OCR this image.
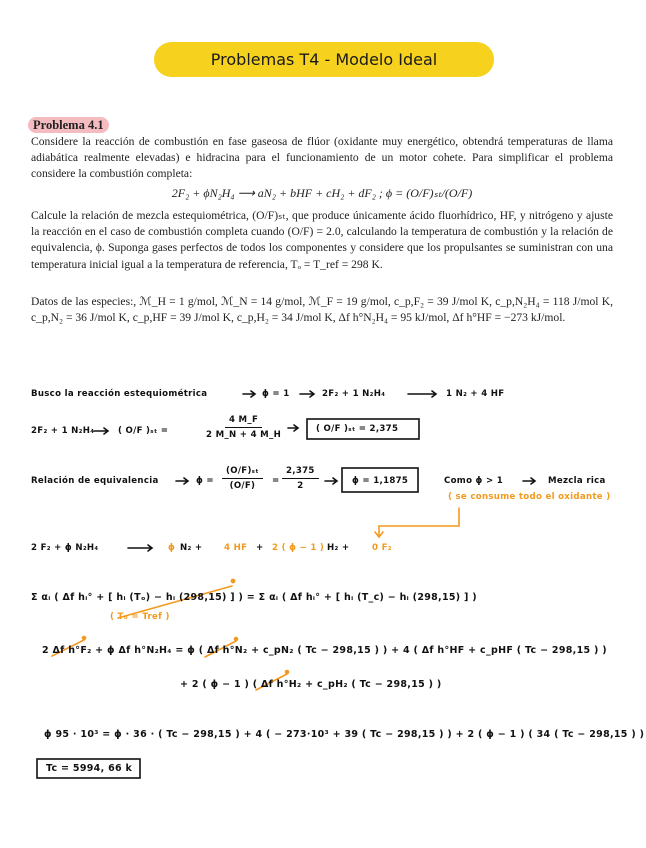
Problemas T4 - Modelo Ideal
Problema 4.1

Considere la reacción de combustión en fase gaseosa de flúor (oxidante muy energético, obtendrá temperaturas de llama adiabática realmente elevadas) e hidracina para el funcionamiento de un motor cohete. Para simplificar el problema considere la combustión completa:

2F₂ + ϕN₂H₄ ⟶ aN₂ + bHF + cH₂ + dF₂ ; ϕ = (O/F)ₛₜ/(O/F)

Calcule la relación de mezcla estequiométrica, (O/F)ₛₜ, que produce únicamente ácido fluorhídrico, HF, y nitrógeno y ajuste la reacción en el caso de combustión completa cuando (O/F) = 2.0, calculando la temperatura de combustión y la relación de equivalencia, ϕ. Suponga gases perfectos de todos los componentes y considere que los propulsantes se suministran con una temperatura inicial igual a la temperatura de referencia, Tₒ = T_ref = 298 K.

Datos de las especies:, ℳ_H = 1 g/mol, ℳ_N = 14 g/mol, ℳ_F = 19 g/mol, c_p,F₂ = 39 J/mol K, c_p,N₂H₄ = 118 J/mol K, c_p,N₂ = 36 J/mol K, c_p,HF = 39 J/mol K, c_p,H₂ = 34 J/mol K, Δf h°N₂H₄ = 95 kJ/mol, Δf h°HF = −273 kJ/mol.

Busco la reacción estequiométrica	ϕ = 1	2F₂ + 1 N₂H₄	1 N₂ + 4 HF
2F₂ + 1 N₂H₄	( O/F )ₛₜ =	$\frac{4 M\_F}{2 M\_N + 4 M\_H}$	( O/F )ₛₜ = 2,375
Relación de equivalencia	$\phi = \frac{\text{(O/F)ₛₜ}}{(O/F)} = \frac{2,375}{2}$	ϕ = 1,1875	Como ϕ > 1	Mezcla rica
( se consume todo el oxidante )
2 F₂ + ϕ N₂H₄	ϕ N₂ +	4 HF + 2 ( ϕ − 1 ) H₂ +	0 F₂
Σ αᵢ ( Δf hᵢ° + [ hᵢ (Tₒ) − hᵢ (298,15) ] ) = Σ αᵢ ( Δf hᵢ° + [ hᵢ (T_c) − hᵢ (298,15) ] )
( Tₒ = Tref )
2 Δf h°F₂ + ϕ Δf h°N₂H₄ = ϕ ( Δf h°N₂ + c_pN₂ ( Tc − 298,15 ) ) + 4 ( Δf h°HF + c_pHF ( Tc − 298,15 ) )
+ 2 ( ϕ − 1 ) ( Δf h°H₂ + c_pH₂ ( Tc − 298,15 ) )
ϕ 95 · 10³ = ϕ · 36 · ( Tc − 298,15 ) + 4 ( − 273·10³ + 39 ( Tc − 298,15 ) ) + 2 ( ϕ − 1 ) ( 34 ( Tc − 298,15 ) )
Tc = 5994, 66 k
